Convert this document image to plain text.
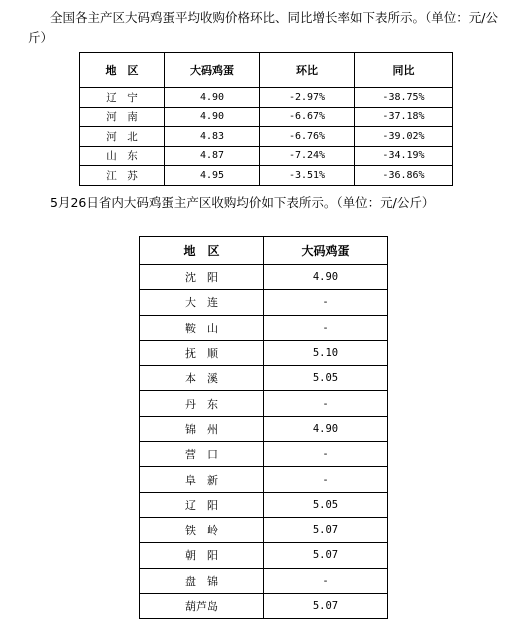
全国各主产区大码鸡蛋平均收购价格环比、同比增长率如下表所示。（单位：元/公斤）

地　区	大码鸡蛋	环比	同比
辽　宁	4.90	-2.97%	-38.75%
河　南	4.90	-6.67%	-37.18%
河　北	4.83	-6.76%	-39.02%
山　东	4.87	-7.24%	-34.19%
江　苏	4.95	-3.51%	-36.86%

5月26日省内大码鸡蛋主产区收购均价如下表所示。（单位：元/公斤）

地　区	大码鸡蛋
沈　阳	4.90
大　连	-
鞍　山	-
抚　顺	5.10
本　溪	5.05
丹　东	-
锦　州	4.90
营　口	-
阜　新	-
辽　阳	5.05
铁　岭	5.07
朝　阳	5.07
盘　锦	-
葫芦岛	5.07
